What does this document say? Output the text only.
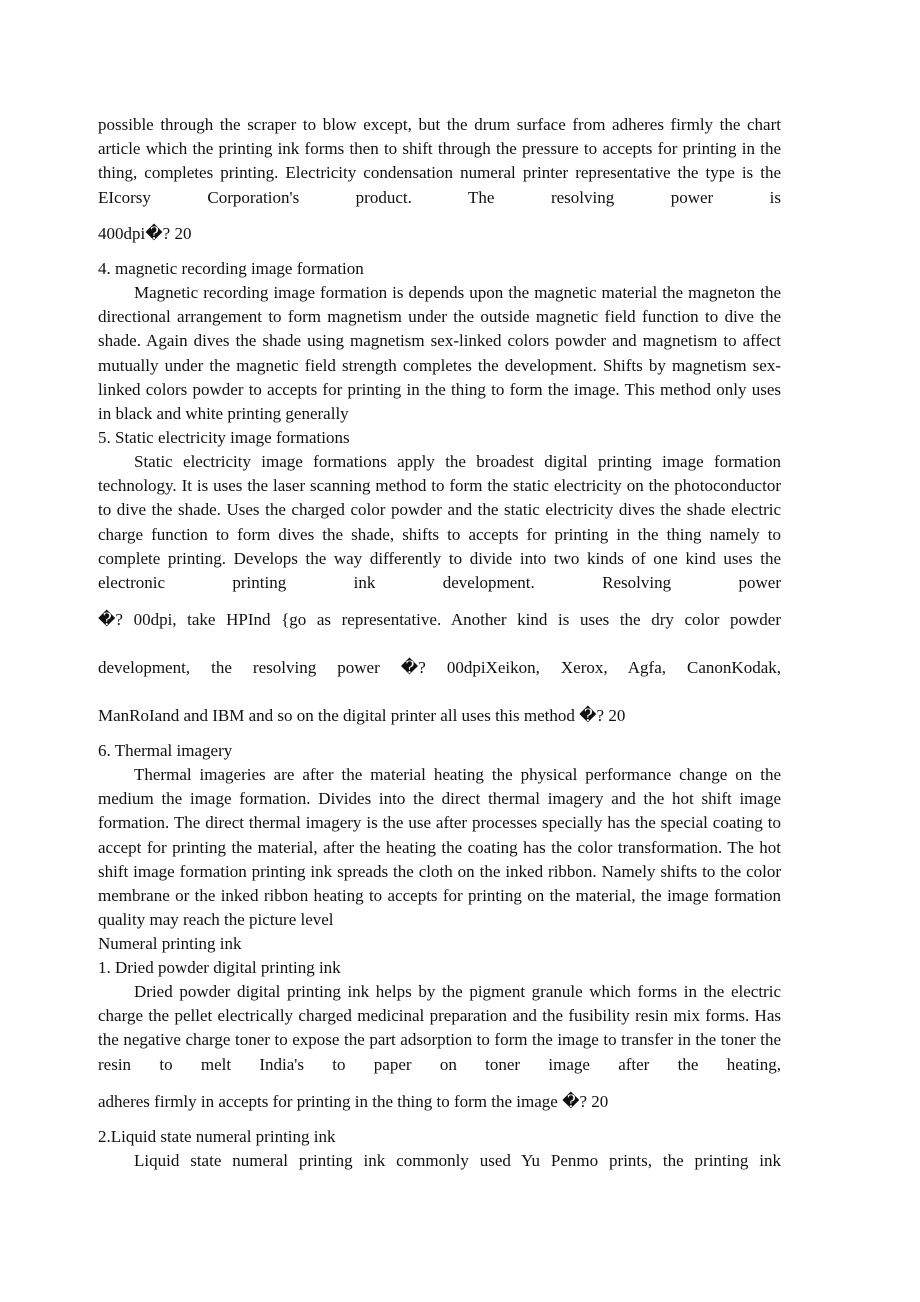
possible through the scraper to blow except, but the drum surface from adheres firmly the chart article which the printing ink forms then to shift through the pressure to accepts for printing in the thing, completes printing. Electricity condensation numeral printer representative the type is the EIcorsy Corporation's product. The resolving power is

400dpi�? 20

4. magnetic recording image formation

Magnetic recording image formation is depends upon the magnetic material the magneton the directional arrangement to form magnetism under the outside magnetic field function to dive the shade. Again dives the shade using magnetism sex-linked colors powder and magnetism to affect mutually under the magnetic field strength completes the development. Shifts by magnetism sex-linked colors powder to accepts for printing in the thing to form the image. This method only uses in black and white printing generally

5. Static electricity image formations

Static electricity image formations apply the broadest digital printing image formation technology. It is uses the laser scanning method to form the static electricity on the photoconductor to dive the shade. Uses the charged color powder and the static electricity dives the shade electric charge function to form dives the shade, shifts to accepts for printing in the thing namely to complete printing. Develops the way differently to divide into two kinds of one kind uses the electronic printing ink development. Resolving power

�? 00dpi, take HPInd {go as representative. Another kind is uses the dry color powder

development, the resolving power �? 00dpiXeikon, Xerox, Agfa, CanonKodak,

ManRoIand and IBM and so on the digital printer all uses this method �? 20

6. Thermal imagery

Thermal imageries are after the material heating the physical performance change on the medium the image formation. Divides into the direct thermal imagery and the hot shift image formation. The direct thermal imagery is the use after processes specially has the special coating to accept for printing the material, after the heating the coating has the color transformation. The hot shift image formation printing ink spreads the cloth on the inked ribbon. Namely shifts to the color membrane or the inked ribbon heating to accepts for printing on the material, the image formation quality may reach the picture level

Numeral printing ink

1. Dried powder digital printing ink

Dried powder digital printing ink helps by the pigment granule which forms in the electric charge the pellet electrically charged medicinal preparation and the fusibility resin mix forms. Has the negative charge toner to expose the part adsorption to form the image to transfer in the toner the resin to melt India's to paper on toner image after the heating,

adheres firmly in accepts for printing in the thing to form the image �? 20

2.Liquid state numeral printing ink

Liquid state numeral printing ink commonly used Yu Penmo prints, the printing ink
